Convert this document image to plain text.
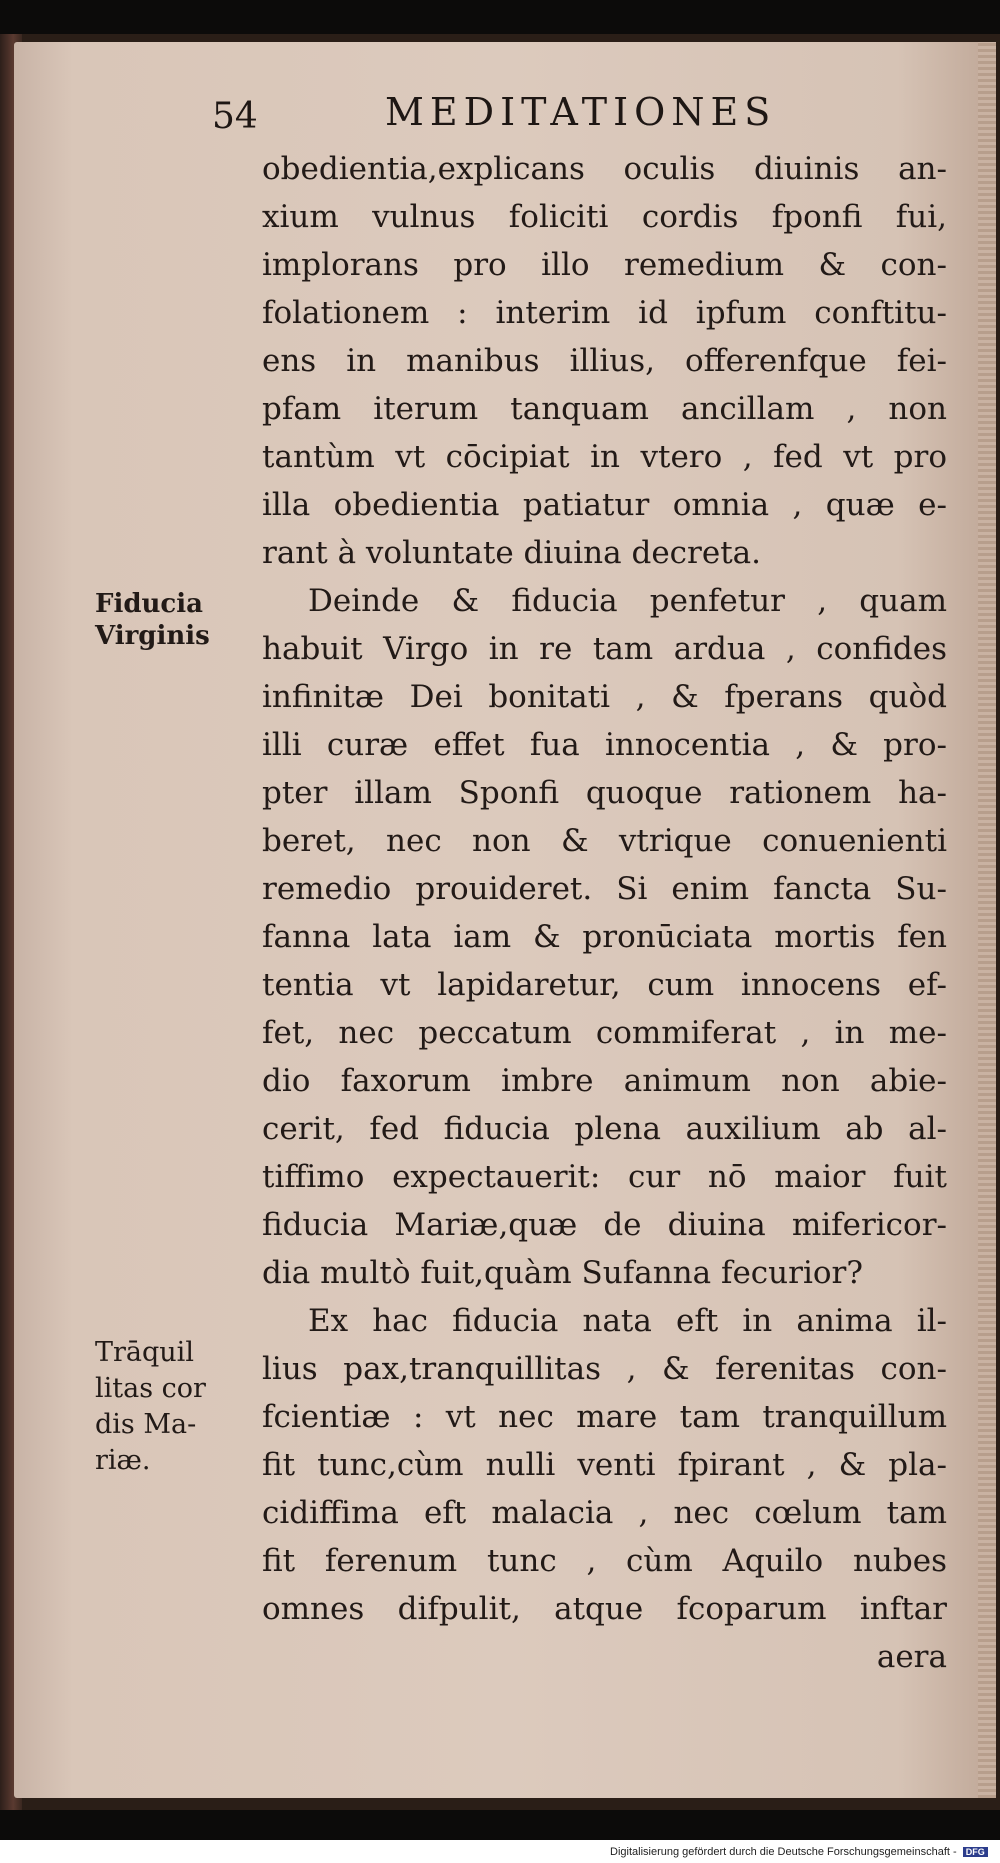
54	MEDITATIONES
Fiducia
Virginis
Trāquil
litas cor
dis Ma-
riæ.
obedientia,explicans oculis diuinis an-
xium vulnus foliciti cordis fponfi fui,
implorans pro illo remedium & con-
folationem : interim id ipfum conftitu-
ens in manibus illius, offerenfque fei-
pfam iterum tanquam ancillam , non
tantùm vt cōcipiat in vtero , fed vt pro
illa obedientia patiatur omnia , quæ e-
rant à voluntate diuina decreta.
Deinde & fiducia penfetur , quam
habuit Virgo in re tam ardua , confides
infinitæ Dei bonitati , & fperans quòd
illi curæ effet fua innocentia , & pro-
pter illam Sponfi quoque rationem ha-
beret, nec non & vtrique conuenienti
remedio prouideret. Si enim fancta Su-
fanna lata iam & pronūciata mortis fen
tentia vt lapidaretur, cum innocens ef-
fet, nec peccatum commiferat , in me-
dio faxorum imbre animum non abie-
cerit, fed fiducia plena auxilium ab al-
tiffimo expectauerit: cur nō maior fuit
fiducia Mariæ,quæ de diuina mifericor-
dia multò fuit,quàm Sufanna fecurior?
Ex hac fiducia nata eft in anima il-
lius pax,tranquillitas , & ferenitas con-
fcientiæ : vt nec mare tam tranquillum
fit tunc,cùm nulli venti fpirant , & pla-
cidiffima eft malacia , nec cœlum tam
fit ferenum tunc , cùm Aquilo nubes
omnes difpulit, atque fcoparum inftar
aera
Digitalisierung gefördert durch die Deutsche Forschungsgemeinschaft - DFG
